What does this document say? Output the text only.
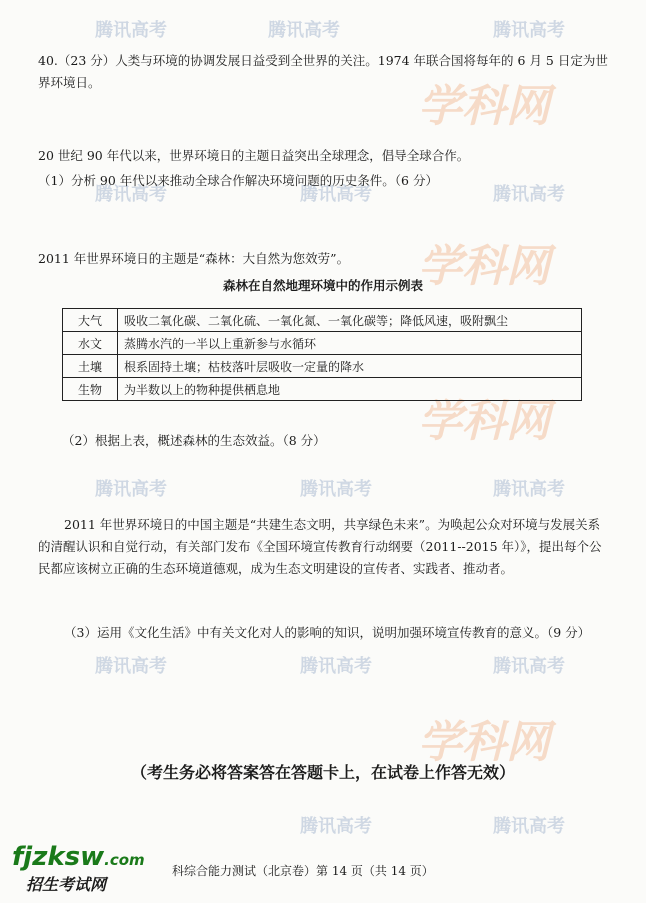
腾讯高考	腾讯高考	腾讯高考
学科网
腾讯高考	腾讯高考	腾讯高考
学科网
学科网
腾讯高考	腾讯高考	腾讯高考
腾讯高考	腾讯高考	腾讯高考
学科网
腾讯高考	腾讯高考
40.（23 分）人类与环境的协调发展日益受到全世界的关注。1974 年联合国将每年的 6 月 5 日定为世界环境日。
20 世纪 90 年代以来，世界环境日的主题日益突出全球理念，倡导全球合作。
（1）分析 90 年代以来推动全球合作解决环境问题的历史条件。（6 分）
2011 年世界环境日的主题是“森林：大自然为您效劳”。
森林在自然地理环境中的作用示例表
大气	吸收二氧化碳、二氧化硫、一氧化氮、一氧化碳等；降低风速，吸附飘尘
水文	蒸腾水汽的一半以上重新参与水循环
土壤	根系固持土壤；枯枝落叶层吸收一定量的降水
生物	为半数以上的物种提供栖息地
（2）根据上表，概述森林的生态效益。（8 分）
2011 年世界环境日的中国主题是“共建生态文明，共享绿色未来”。为唤起公众对环境与发展关系的清醒认识和自觉行动，有关部门发布《全国环境宣传教育行动纲要（2011--2015 年）》，提出每个公民都应该树立正确的生态环境道德观，成为生态文明建设的宣传者、实践者、推动者。
（3）运用《文化生活》中有关文化对人的影响的知识，说明加强环境宣传教育的意义。（9 分）
（考生务必将答案答在答题卡上，在试卷上作答无效）
fjzksw.com
招生考试网
科综合能力测试（北京卷）第 14 页（共 14 页）
